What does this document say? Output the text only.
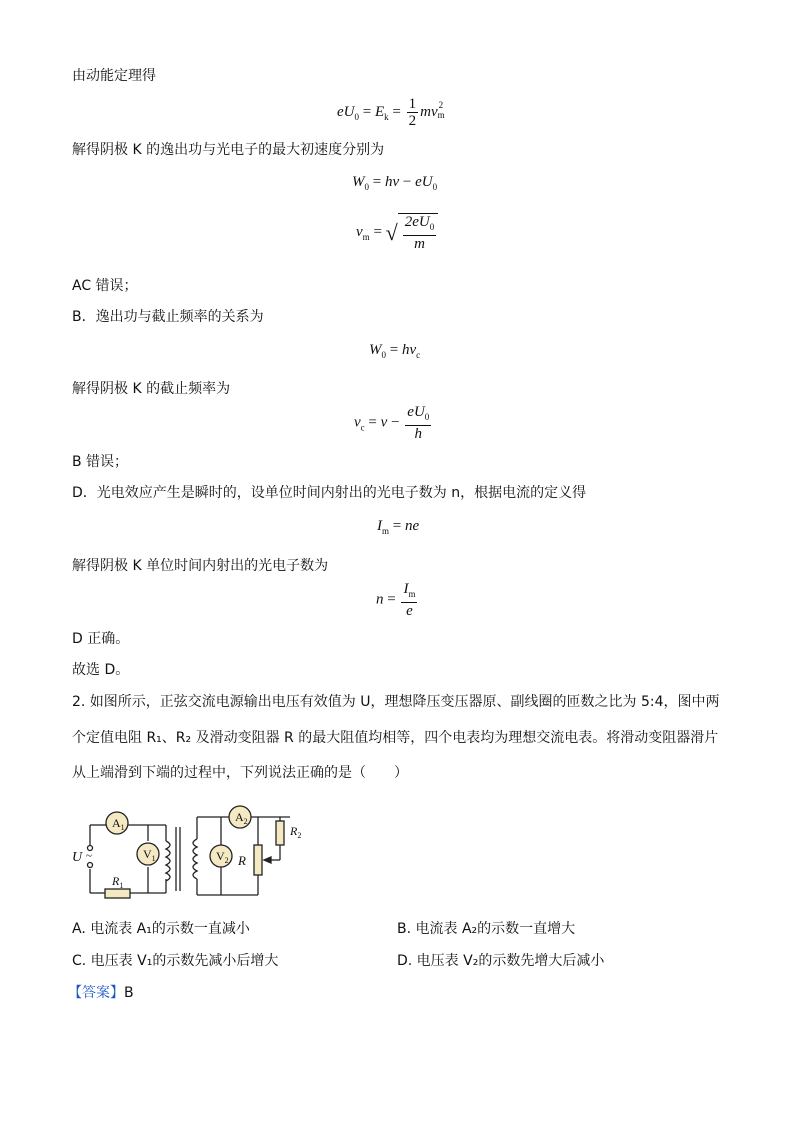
由动能定理得
$eU_0 = E_k = \frac{1}{2} mv_m^2$
解得阴极 K 的逸出功与光电子的最大初速度分别为
$W_0 = h\nu - eU_0$
$v_m$ = √ $\frac{2eU_0}{m}$
AC 错误；
B．逸出功与截止频率的关系为
$W_0 = h\nu_c$
解得阴极 K 的截止频率为
$\nu_c = \nu - \frac{eU_0}{h}$
B 错误；
D．光电效应产生是瞬时的，设单位时间内射出的光电子数为 n，根据电流的定义得
$I_m$ = ne
解得阴极 K 单位时间内射出的光电子数为
$n = \frac{I_m}{e}$
D 正确。
故选 D。
2. 如图所示，正弦交流电源输出电压有效值为 U，理想降压变压器原、副线圈的匝数之比为 5:4，图中两
个定值电阻 R₁、R₂ 及滑动变阻器 R 的最大阻值均相等，四个电表均为理想交流电表。将滑动变阻器滑片
从上端滑到下端的过程中，下列说法正确的是（　　）
$A_1$
$V_1$
$A_2$
$V_2$
U ~
$R_1$
R
$R_2$
A. 电流表 A₁的示数一直减小	B. 电流表 A₂的示数一直增大
C. 电压表 V₁的示数先减小后增大	D. 电压表 V₂的示数先增大后减小
【答案】B
